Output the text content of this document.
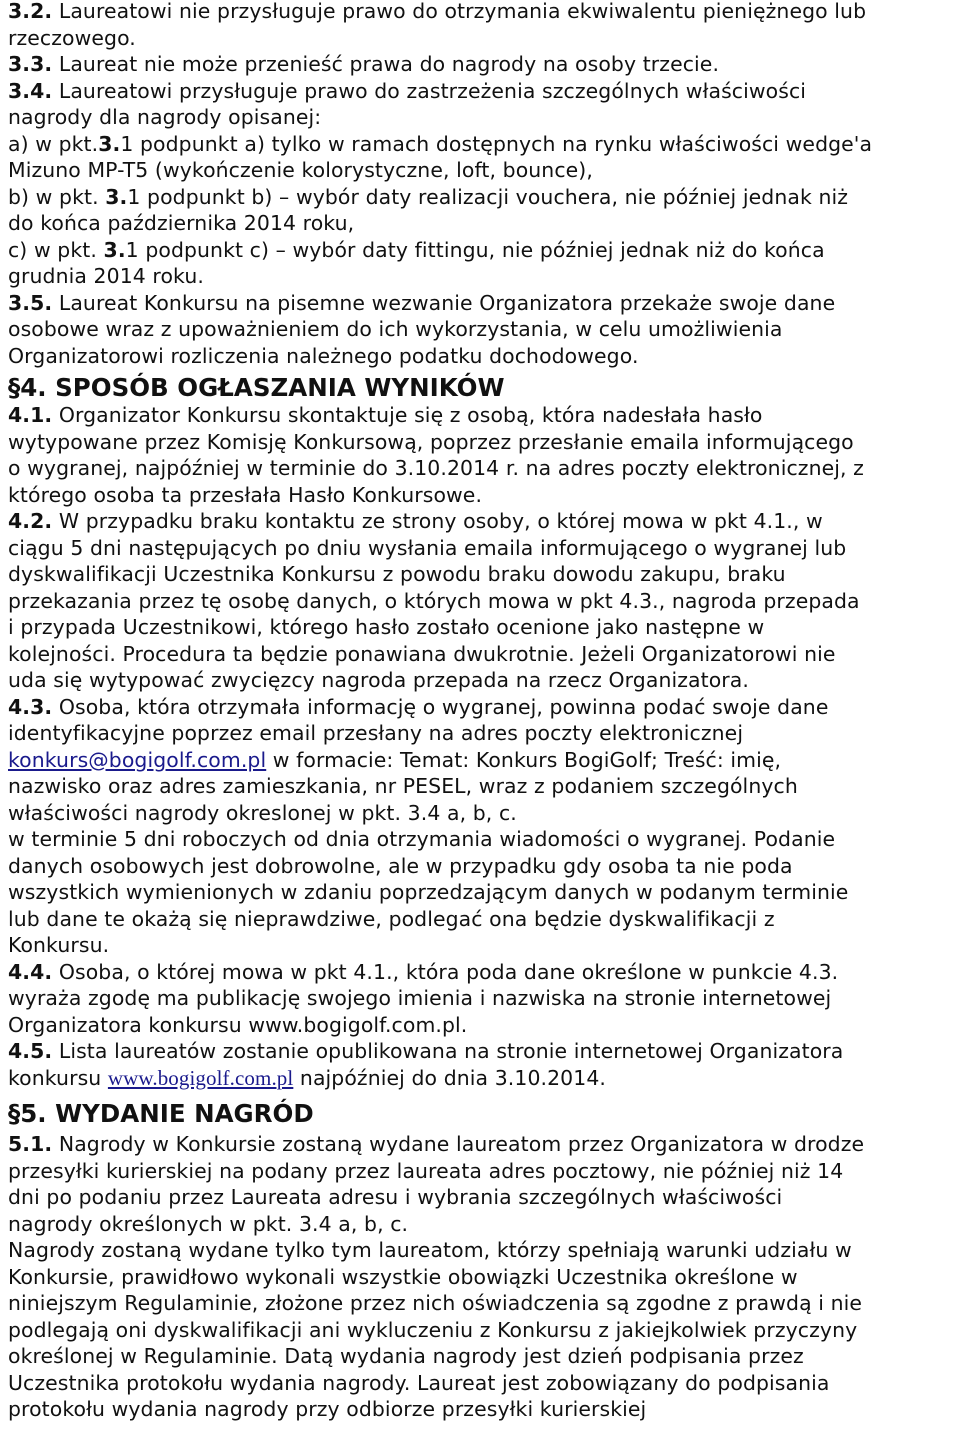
3.2. Laureatowi nie przysługuje prawo do otrzymania ekwiwalentu pieniężnego lub
rzeczowego.
3.3. Laureat nie może przenieść prawa do nagrody na osoby trzecie.
3.4. Laureatowi przysługuje prawo do zastrzeżenia szczególnych właściwości
nagrody dla nagrody opisanej:
a) w pkt.3.1 podpunkt a) tylko w ramach dostępnych na rynku właściwości wedge'a
Mizuno MP-T5 (wykończenie kolorystyczne, loft, bounce),
b) w pkt. 3.1 podpunkt b) – wybór daty realizacji vouchera, nie później jednak niż
do końca października 2014 roku,
c) w pkt. 3.1 podpunkt c) – wybór daty fittingu, nie później jednak niż do końca
grudnia 2014 roku.
3.5. Laureat Konkursu na pisemne wezwanie Organizatora przekaże swoje dane
osobowe wraz z upoważnieniem do ich wykorzystania, w celu umożliwienia
Organizatorowi rozliczenia należnego podatku dochodowego.
§4. SPOSÓB OGŁASZANIA WYNIKÓW
4.1. Organizator Konkursu skontaktuje się z osobą, która nadesłała hasło
wytypowane przez Komisję Konkursową, poprzez przesłanie emaila informującego
o wygranej, najpóźniej w terminie do 3.10.2014 r. na adres poczty elektronicznej, z
którego osoba ta przesłała Hasło Konkursowe.
4.2. W przypadku braku kontaktu ze strony osoby, o której mowa w pkt 4.1., w
ciągu 5 dni następujących po dniu wysłania emaila informującego o wygranej lub
dyskwalifikacji Uczestnika Konkursu z powodu braku dowodu zakupu, braku
przekazania przez tę osobę danych, o których mowa w pkt 4.3., nagroda przepada
i przypada Uczestnikowi, którego hasło zostało ocenione jako następne w
kolejności. Procedura ta będzie ponawiana dwukrotnie. Jeżeli Organizatorowi nie
uda się wytypować zwycięzcy nagroda przepada na rzecz Organizatora.
4.3. Osoba, która otrzymała informację o wygranej, powinna podać swoje dane
identyfikacyjne poprzez email przesłany na adres poczty elektronicznej
konkurs@bogigolf.com.pl w formacie: Temat: Konkurs BogiGolf; Treść: imię,
nazwisko oraz adres zamieszkania, nr PESEL, wraz z podaniem szczególnych
właściwości nagrody okreslonej w pkt. 3.4 a, b, c.
w terminie 5 dni roboczych od dnia otrzymania wiadomości o wygranej. Podanie
danych osobowych jest dobrowolne, ale w przypadku gdy osoba ta nie poda
wszystkich wymienionych w zdaniu poprzedzającym danych w podanym terminie
lub dane te okażą się nieprawdziwe, podlegać ona będzie dyskwalifikacji z
Konkursu.
4.4. Osoba, o której mowa w pkt 4.1., która poda dane określone w punkcie 4.3.
wyraża zgodę ma publikację swojego imienia i nazwiska na stronie internetowej
Organizatora konkursu www.bogigolf.com.pl.
4.5. Lista laureatów zostanie opublikowana na stronie internetowej Organizatora
konkursu www.bogigolf.com.pl najpóźniej do dnia 3.10.2014.
§5. WYDANIE NAGRÓD
5.1. Nagrody w Konkursie zostaną wydane laureatom przez Organizatora w drodze
przesyłki kurierskiej na podany przez laureata adres pocztowy, nie później niż 14
dni po podaniu przez Laureata adresu i wybrania szczególnych właściwości
nagrody określonych w pkt. 3.4 a, b, c.
Nagrody zostaną wydane tylko tym laureatom, którzy spełniają warunki udziału w
Konkursie, prawidłowo wykonali wszystkie obowiązki Uczestnika określone w
niniejszym Regulaminie, złożone przez nich oświadczenia są zgodne z prawdą i nie
podlegają oni dyskwalifikacji ani wykluczeniu z Konkursu z jakiejkolwiek przyczyny
określonej w Regulaminie. Datą wydania nagrody jest dzień podpisania przez
Uczestnika protokołu wydania nagrody. Laureat jest zobowiązany do podpisania
protokołu wydania nagrody przy odbiorze przesyłki kurierskiej
